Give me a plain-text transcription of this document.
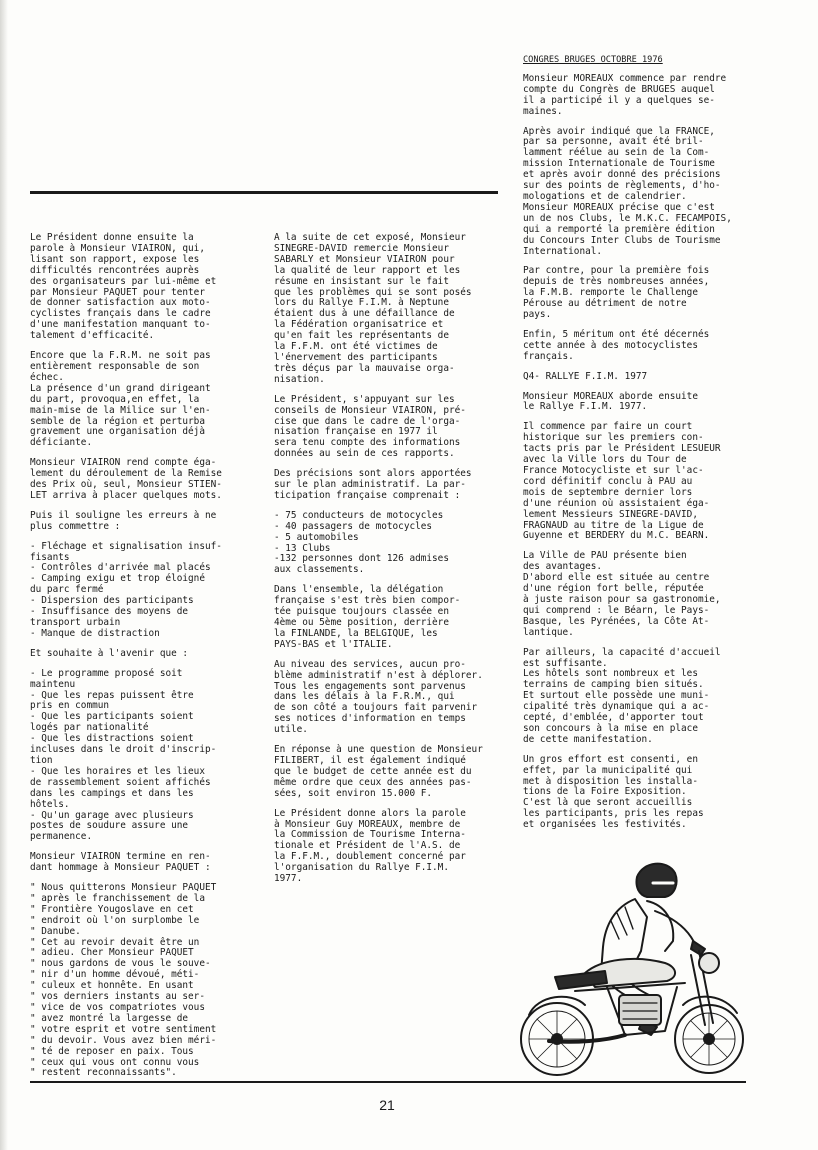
Le Président donne ensuite la
parole à Monsieur VIAIRON, qui,
lisant son rapport, expose les
difficultés rencontrées auprès
des organisateurs par lui-même et
par Monsieur PAQUET pour tenter
de donner satisfaction aux moto-
cyclistes français dans le cadre
d'une manifestation manquant to-
talement d'efficacité.

Encore que la F.R.M. ne soit pas
entièrement responsable de son
échec.
La présence d'un grand dirigeant
du part, provoqua,en effet, la
main-mise de la Milice sur l'en-
semble de la région et perturba
gravement une organisation déjà
déficiante.

Monsieur VIAIRON rend compte éga-
lement du déroulement de la Remise
des Prix où, seul, Monsieur STIEN-
LET arriva à placer quelques mots.

Puis il souligne les erreurs à ne
plus commettre :

- Fléchage et signalisation insuf-
fisants
- Contrôles d'arrivée mal placés
- Camping exigu et trop éloigné
du parc fermé
- Dispersion des participants
- Insuffisance des moyens de
transport urbain
- Manque de distraction

Et souhaite à l'avenir que :

- Le programme proposé soit
maintenu
- Que les repas puissent être
pris en commun
- Que les participants soient
logés par nationalité
- Que les distractions soient
incluses dans le droit d'inscrip-
tion
- Que les horaires et les lieux
de rassemblement soient affichés
dans les campings et dans les
hôtels.
- Qu'un garage avec plusieurs
postes de soudure assure une
permanence.

Monsieur VIAIRON termine en ren-
dant hommage à Monsieur PAQUET :

" Nous quitterons Monsieur PAQUET
" après le franchissement de la
" Frontière Yougoslave en cet
" endroit où l'on surplombe le
" Danube.
" Cet au revoir devait être un
" adieu. Cher Monsieur PAQUET
" nous gardons de vous le souve-
" nir d'un homme dévoué, méti-
" culeux et honnête. En usant
" vos derniers instants au ser-
" vice de vos compatriotes vous
" avez montré la largesse de
" votre esprit et votre sentiment
" du devoir. Vous avez bien méri-
" té de reposer en paix. Tous
" ceux qui vous ont connu vous
" restent reconnaissants".

A la suite de cet exposé, Monsieur
SINEGRE-DAVID remercie Monsieur
SABARLY et Monsieur VIAIRON pour
la qualité de leur rapport et les
résume en insistant sur le fait
que les problèmes qui se sont posés
lors du Rallye F.I.M. à Neptune
étaient dus à une défaillance de
la Fédération organisatrice et
qu'en fait les représentants de
la F.F.M. ont été victimes de
l'énervement des participants
très déçus par la mauvaise orga-
nisation.

Le Président, s'appuyant sur les
conseils de Monsieur VIAIRON, pré-
cise que dans le cadre de l'orga-
nisation française en 1977 il
sera tenu compte des informations
données au sein de ces rapports.

Des précisions sont alors apportées
sur le plan administratif. La par-
ticipation française comprenait :

- 75 conducteurs de motocycles
- 40 passagers de motocycles
- 5 automobiles
- 13 Clubs
-132 personnes dont 126 admises
aux classements.

Dans l'ensemble, la délégation
française s'est très bien compor-
tée puisque toujours classée en
4ème ou 5ème position, derrière
la FINLANDE, la BELGIQUE, les
PAYS-BAS et l'ITALIE.

Au niveau des services, aucun pro-
blème administratif n'est à déplorer.
Tous les engagements sont parvenus
dans les délais à la F.R.M., qui
de son côté a toujours fait parvenir
ses notices d'information en temps
utile.

En réponse à une question de Monsieur
FILIBERT, il est également indiqué
que le budget de cette année est du
même ordre que ceux des années pas-
sées, soit environ 15.000 F.

Le Président donne alors la parole
à Monsieur Guy MOREAUX, membre de
la Commission de Tourisme Interna-
tionale et Président de l'A.S. de
la F.F.M., doublement concerné par
l'organisation du Rallye F.I.M.
1977.

CONGRES BRUGES OCTOBRE 1976

Monsieur MOREAUX commence par rendre
compte du Congrès de BRUGES auquel
il a participé il y a quelques se-
maines.

Après avoir indiqué que la FRANCE,
par sa personne, avait été bril-
lamment réélue au sein de la Com-
mission Internationale de Tourisme
et après avoir donné des précisions
sur des points de règlements, d'ho-
mologations et de calendrier.
Monsieur MOREAUX précise que c'est
un de nos Clubs, le M.K.C. FECAMPOIS,
qui a remporté la première édition
du Concours Inter Clubs de Tourisme
International.

Par contre, pour la première fois
depuis de très nombreuses années,
la F.M.B. remporte le Challenge
Pérouse au détriment de notre
pays.

Enfin, 5 méritum ont été décernés
cette année à des motocyclistes
français.

Q4- RALLYE F.I.M. 1977

Monsieur MOREAUX aborde ensuite
le Rallye F.I.M. 1977.

Il commence par faire un court
historique sur les premiers con-
tacts pris par le Président LESUEUR
avec la Ville lors du Tour de
France Motocycliste et sur l'ac-
cord définitif conclu à PAU au
mois de septembre dernier lors
d'une réunion où assistaient éga-
lement Messieurs SINEGRE-DAVID,
FRAGNAUD au titre de la Ligue de
Guyenne et BERDERY du M.C. BEARN.

La Ville de PAU présente bien
des avantages.
D'abord elle est située au centre
d'une région fort belle, réputée
à juste raison pour sa gastronomie,
qui comprend : le Béarn, le Pays-
Basque, les Pyrénées, la Côte At-
lantique.

Par ailleurs, la capacité d'accueil
est suffisante.
Les hôtels sont nombreux et les
terrains de camping bien situés.
Et surtout elle possède une muni-
cipalité très dynamique qui a ac-
cepté, d'emblée, d'apporter tout
son concours à la mise en place
de cette manifestation.

Un gros effort est consenti, en
effet, par la municipalité qui
met à disposition les installa-
tions de la Foire Exposition.
C'est là que seront accueillis
les participants, pris les repas
et organisées les festivités.

21
